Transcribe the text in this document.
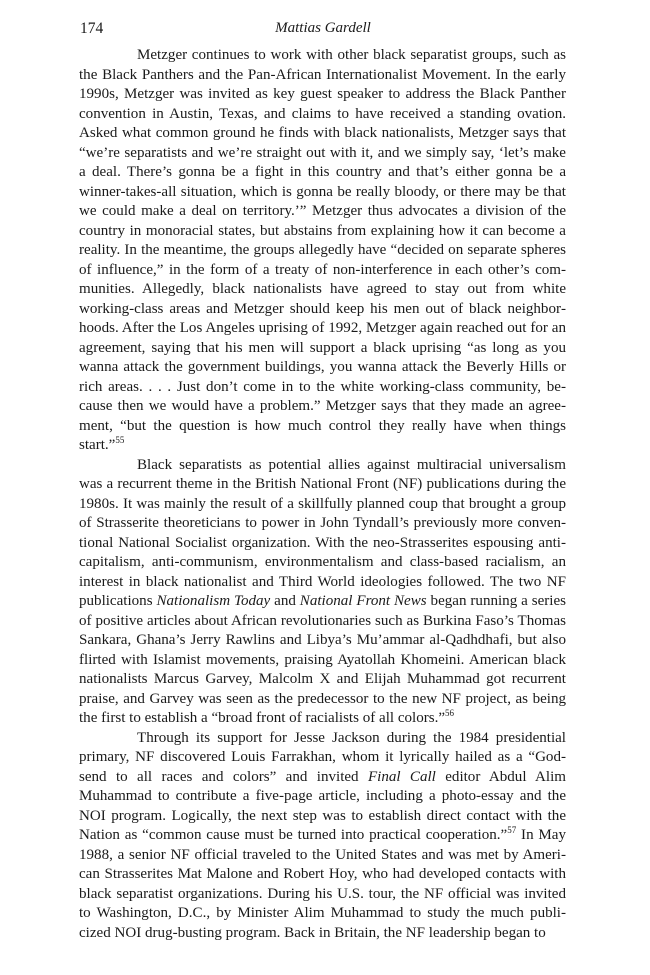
174	Mattias Gardell

Metzger continues to work with other black separatist groups, such as the Black Panthers and the Pan-African Internationalist Movement. In the early 1990s, Metzger was invited as key guest speaker to address the Black Panther convention in Austin, Texas, and claims to have received a standing ovation. Asked what common ground he finds with black nationalists, Metzger says that “we’re separatists and we’re straight out with it, and we simply say, ‘let’s make a deal. There’s gonna be a fight in this country and that’s either gonna be a winner-takes-all situation, which is gonna be really bloody, or there may be that we could make a deal on territory.’” Metzger thus advocates a division of the country in monoracial states, but abstains from explaining how it can become a reality. In the meantime, the groups allegedly have “decided on separate spheres of influence,” in the form of a treaty of non-interference in each other’s communities. Allegedly, black nationalists have agreed to stay out from white working-class areas and Metzger should keep his men out of black neighborhoods. After the Los Angeles uprising of 1992, Metzger again reached out for an agreement, saying that his men will support a black uprising “as long as you wanna attack the government buildings, you wanna attack the Beverly Hills or rich areas. . . . Just don’t come in to the white working-class community, because then we would have a problem.” Metzger says that they made an agreement, “but the question is how much control they really have when things start.”$^{55}$

Black separatists as potential allies against multiracial universalism was a recurrent theme in the British National Front (NF) publications during the 1980s. It was mainly the result of a skillfully planned coup that brought a group of Strasserite theoreticians to power in John Tyndall’s previously more conventional National Socialist organization. With the neo-Strasserites espousing anti-capitalism, anti-communism, environmentalism and class-based racialism, an interest in black nationalist and Third World ideologies followed. The two NF publications Nationalism Today and National Front News began running a series of positive articles about African revolutionaries such as Burkina Faso’s Thomas Sankara, Ghana’s Jerry Rawlins and Libya’s Mu’ammar al-Qadhdhafi, but also flirted with Islamist movements, praising Ayatollah Khomeini. American black nationalists Marcus Garvey, Malcolm X and Elijah Muhammad got recurrent praise, and Garvey was seen as the predecessor to the new NF project, as being the first to establish a “broad front of racialists of all colors.”$^{56}$

Through its support for Jesse Jackson during the 1984 presidential primary, NF discovered Louis Farrakhan, whom it lyrically hailed as a “God-send to all races and colors” and invited Final Call editor Abdul Alim Muhammad to contribute a five-page article, including a photo-essay and the NOI program. Logically, the next step was to establish direct contact with the Nation as “common cause must be turned into practical cooperation.”$^{57}$ In May 1988, a senior NF official traveled to the United States and was met by American Strasserites Mat Malone and Robert Hoy, who had developed contacts with black separatist organizations. During his U.S. tour, the NF official was invited to Washington, D.C., by Minister Alim Muhammad to study the much publicized NOI drug-busting program. Back in Britain, the NF leadership began to
